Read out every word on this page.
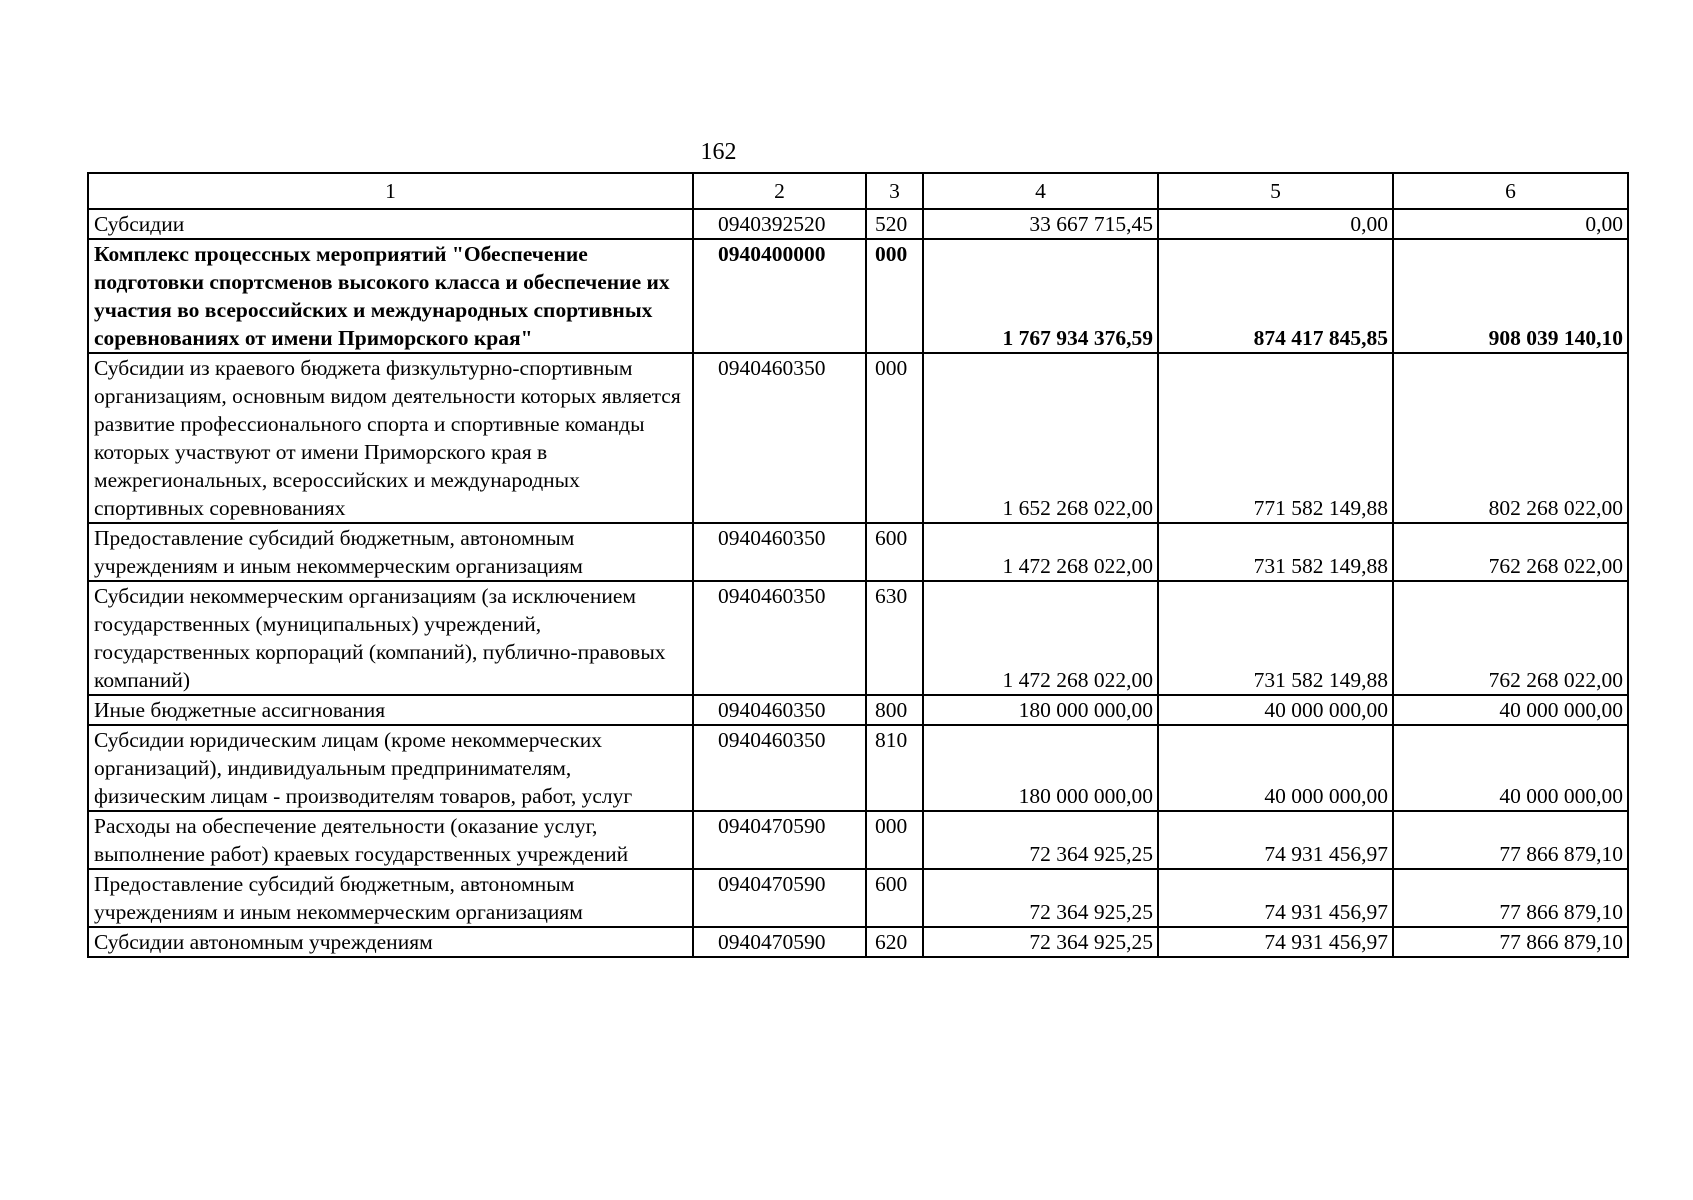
162
1	2	3	4	5	6
Субсидии	0940392520	520	33 667 715,45	0,00	0,00
Комплекс процессных мероприятий "Обеспечение подготовки спортсменов высокого класса и обеспечение их участия во всероссийских и международных спортивных соревнованиях от имени Приморского края"	0940400000	000	1 767 934 376,59	874 417 845,85	908 039 140,10
Субсидии из краевого бюджета физкультурно-спортивным организациям, основным видом деятельности которых является развитие профессионального спорта и спортивные команды которых участвуют от имени Приморского края в межрегиональных, всероссийских и международных спортивных соревнованиях	0940460350	000	1 652 268 022,00	771 582 149,88	802 268 022,00
Предоставление субсидий бюджетным, автономным учреждениям и иным некоммерческим организациям	0940460350	600	1 472 268 022,00	731 582 149,88	762 268 022,00
Субсидии некоммерческим организациям (за исключением государственных (муниципальных) учреждений, государственных корпораций (компаний), публично-правовых компаний)	0940460350	630	1 472 268 022,00	731 582 149,88	762 268 022,00
Иные бюджетные ассигнования	0940460350	800	180 000 000,00	40 000 000,00	40 000 000,00
Субсидии юридическим лицам (кроме некоммерческих организаций), индивидуальным предпринимателям, физическим лицам - производителям товаров, работ, услуг	0940460350	810	180 000 000,00	40 000 000,00	40 000 000,00
Расходы на обеспечение деятельности (оказание услуг, выполнение работ) краевых государственных учреждений	0940470590	000	72 364 925,25	74 931 456,97	77 866 879,10
Предоставление субсидий бюджетным, автономным учреждениям и иным некоммерческим организациям	0940470590	600	72 364 925,25	74 931 456,97	77 866 879,10
Субсидии автономным учреждениям	0940470590	620	72 364 925,25	74 931 456,97	77 866 879,10
